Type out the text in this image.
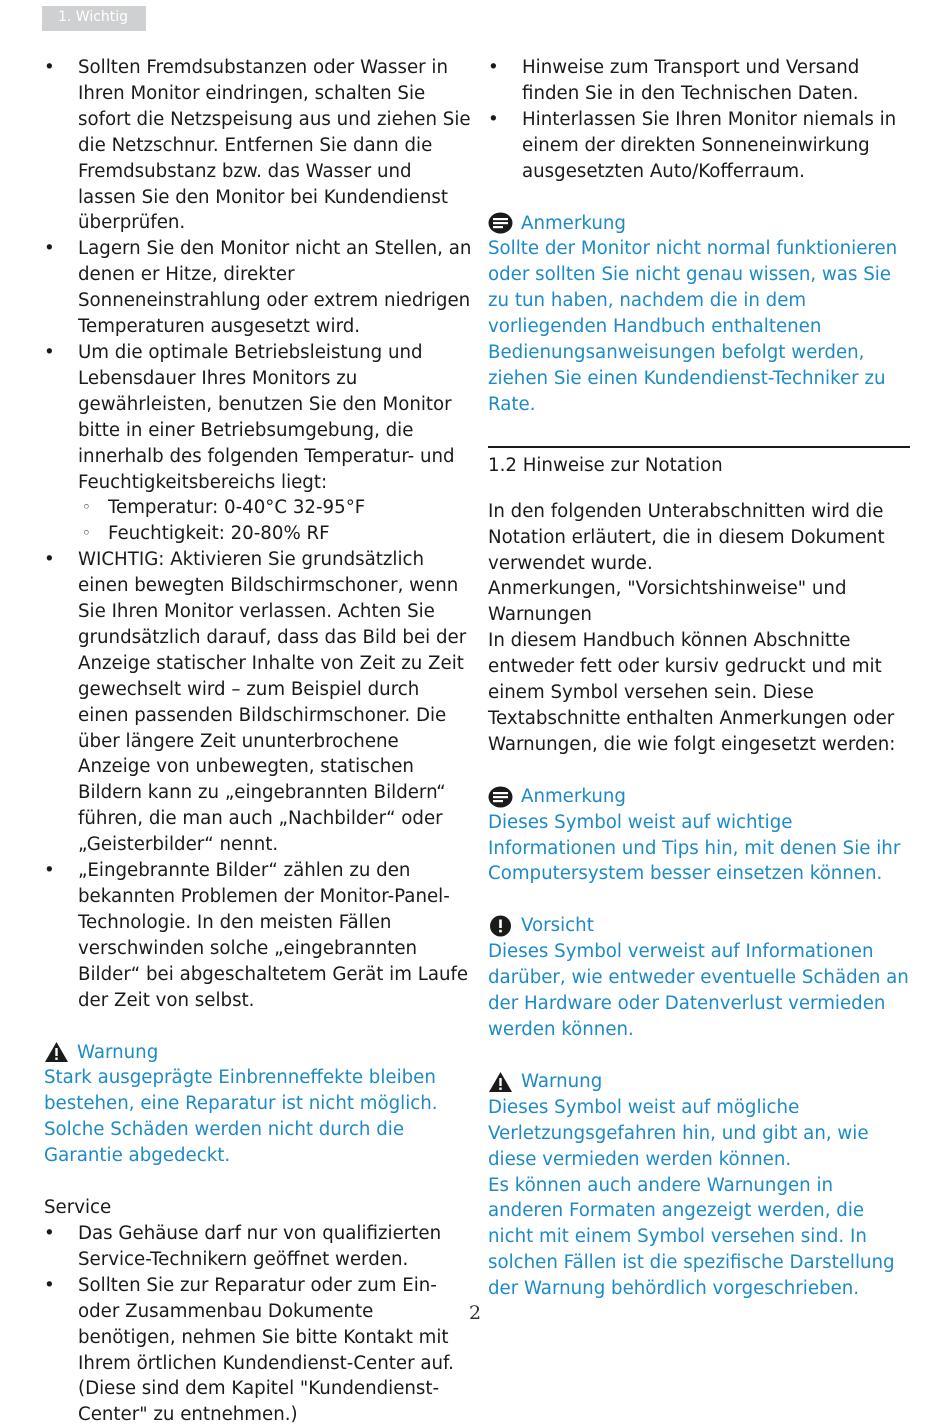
1. Wichtig
• Sollten Fremdsubstanzen oder Wasser in Ihren Monitor eindringen, schalten Sie sofort die Netzspeisung aus und ziehen Sie die Netzschnur. Entfernen Sie dann die Fremdsubstanz bzw. das Wasser und lassen Sie den Monitor bei Kundendienst überprüfen.
• Lagern Sie den Monitor nicht an Stellen, an denen er Hitze, direkter Sonneneinstrahlung oder extrem niedrigen Temperaturen ausgesetzt wird.
• Um die optimale Betriebsleistung und Lebensdauer Ihres Monitors zu gewährleisten, benutzen Sie den Monitor bitte in einer Betriebsumgebung, die innerhalb des folgenden Temperatur- und Feuchtigkeitsbereichs liegt:
◦ Temperatur: 0-40°C 32-95°F
◦ Feuchtigkeit: 20-80% RF
• WICHTIG: Aktivieren Sie grundsätzlich einen bewegten Bildschirmschoner, wenn Sie Ihren Monitor verlassen. Achten Sie grundsätzlich darauf, dass das Bild bei der Anzeige statischer Inhalte von Zeit zu Zeit gewechselt wird – zum Beispiel durch einen passenden Bildschirmschoner. Die über längere Zeit ununterbrochene Anzeige von unbewegten, statischen Bildern kann zu „eingebrannten Bildern“ führen, die man auch „Nachbilder“ oder „Geisterbilder“ nennt.
• „Eingebrannte Bilder“ zählen zu den bekannten Problemen der Monitor-Panel-Technologie. In den meisten Fällen verschwinden solche „eingebrannten Bilder“ bei abgeschaltetem Gerät im Laufe der Zeit von selbst.
Warnung

Stark ausgeprägte Einbrenneffekte bleiben bestehen, eine Reparatur ist nicht möglich. Solche Schäden werden nicht durch die Garantie abgedeckt.

Service
• Das Gehäuse darf nur von qualifizierten Service-Technikern geöffnet werden.
• Sollten Sie zur Reparatur oder zum Ein- oder Zusammenbau Dokumente benötigen, nehmen Sie bitte Kontakt mit Ihrem örtlichen Kundendienst-Center auf. (Diese sind dem Kapitel "Kundendienst-Center" zu entnehmen.)
• Hinweise zum Transport und Versand finden Sie in den Technischen Daten.
• Hinterlassen Sie Ihren Monitor niemals in einem der direkten Sonneneinwirkung ausgesetzten Auto/Kofferraum.
Anmerkung

Sollte der Monitor nicht normal funktionieren oder sollten Sie nicht genau wissen, was Sie zu tun haben, nachdem die in dem vorliegenden Handbuch enthaltenen Bedienungsanweisungen befolgt werden, ziehen Sie einen Kundendienst-Techniker zu Rate.

1.2 Hinweise zur Notation

In den folgenden Unterabschnitten wird die Notation erläutert, die in diesem Dokument verwendet wurde.

Anmerkungen, "Vorsichtshinweise" und Warnungen

In diesem Handbuch können Abschnitte entweder fett oder kursiv gedruckt und mit einem Symbol versehen sein. Diese Textabschnitte enthalten Anmerkungen oder Warnungen, die wie folgt eingesetzt werden:

Anmerkung

Dieses Symbol weist auf wichtige Informationen und Tips hin, mit denen Sie ihr Computersystem besser einsetzen können.

Vorsicht

Dieses Symbol verweist auf Informationen darüber, wie entweder eventuelle Schäden an der Hardware oder Datenverlust vermieden werden können.

Warnung

Dieses Symbol weist auf mögliche Verletzungsgefahren hin, und gibt an, wie diese vermieden werden können.

Es können auch andere Warnungen in anderen Formaten angezeigt werden, die nicht mit einem Symbol versehen sind. In solchen Fällen ist die spezifische Darstellung der Warnung behördlich vorgeschrieben.

2
